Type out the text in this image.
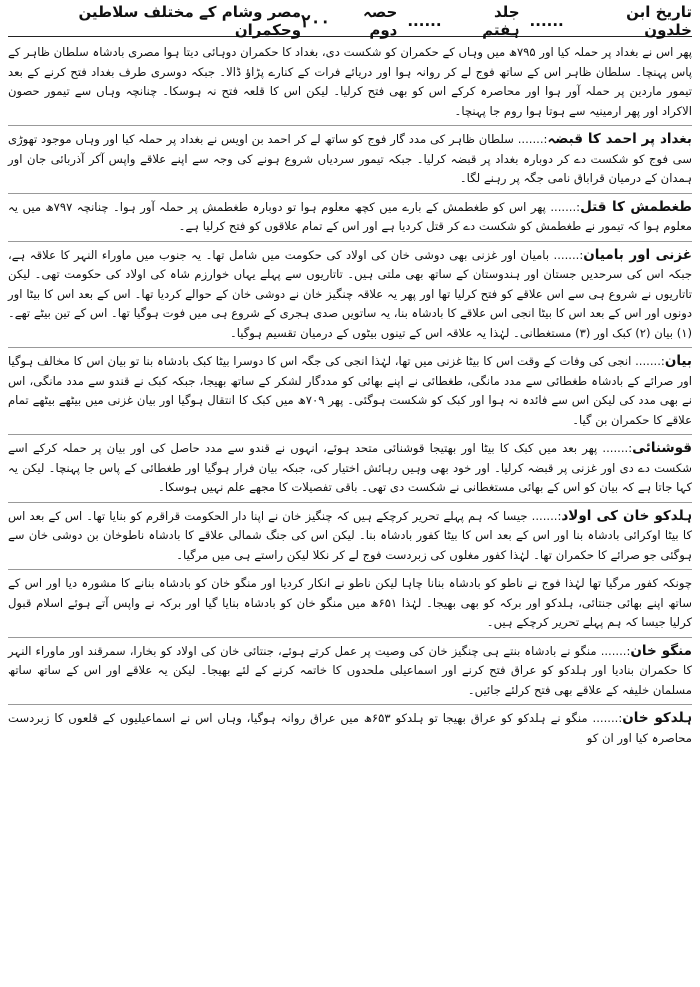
تاریخ ابن خلدون
......
جلد ہفتم
......
حصہ دوم
۲۰۰
مصر وشام کے مختلف سلاطین وحکمران

پھر اس نے بغداد پر حملہ کیا اور ۷۹۵ھ میں وہاں کے حکمران کو شکست دی، بغداد کا حکمران دوہائی دیتا ہوا مصری بادشاہ سلطان ظاہر کے پاس پہنچا۔ سلطان ظاہر اس کے ساتھ فوج لے کر روانہ ہوا اور دریائے فرات کے کنارے پڑاؤ ڈالا۔ جبکہ دوسری طرف بغداد فتح کرنے کے بعد تیمور ماردین پر حملہ آور ہوا اور محاصرہ کرکے اس کو بھی فتح کرلیا۔ لیکن اس کا قلعہ فتح نہ ہوسکا۔ چنانچہ وہاں سے تیمور حصون الاکراد اور پھر ارمینیہ سے ہوتا ہوا روم جا پہنچا۔

بغداد پر احمد کا قبضہ:....... سلطان ظاہر کی مدد گار فوج کو ساتھ لے کر احمد بن اویس نے بغداد پر حملہ کیا اور وہاں موجود تھوڑی سی فوج کو شکست دے کر دوبارہ بغداد پر قبضہ کرلیا۔ جبکہ تیمور سردیاں شروع ہونے کی وجہ سے اپنے علاقے واپس آکر آذربائی جان اور ہمدان کے درمیان قراباق نامی جگہ پر رہنے لگا۔

طغطمش کا قتل:....... پھر اس کو طغطمش کے بارے میں کچھ معلوم ہوا تو دوبارہ طغطمش پر حملہ آور ہوا۔ چنانچہ ۷۹۷ھ میں یہ معلوم ہوا کہ تیمور نے طغطمش کو شکست دے کر قتل کردیا ہے اور اس کے تمام علاقوں کو فتح کرلیا ہے۔

غزنی اور بامیان:....... بامیان اور غزنی بھی دوشی خان کی اولاد کی حکومت میں شامل تھا۔ یہ جنوب میں ماوراء النہر کا علاقہ ہے، جبکہ اس کی سرحدیں جستان اور ہندوستان کے ساتھ بھی ملتی ہیں۔ تاتاریوں سے پہلے یہاں خوارزم شاہ کی اولاد کی حکومت تھی۔ لیکن تاتاریوں نے شروع ہی سے اس علاقے کو فتح کرلیا تھا اور پھر یہ علاقہ چنگیز خان نے دوشی خان کے حوالے کردیا تھا۔ اس کے بعد اس کا بیٹا اور دونوں اور اس کے بعد اس کا بیٹا انجی اس علاقے کا بادشاہ بنا، یہ ساتویں صدی ہجری کے شروع ہی میں فوت ہوگیا تھا۔ اس کے تین بیٹے تھے۔ (۱) بیان (۲) کبک اور (۳) مستغطانی۔ لہٰذا یہ علاقہ اس کے تینوں بیٹوں کے درمیان تقسیم ہوگیا۔

بیان:....... انجی کی وفات کے وقت اس کا بیٹا غزنی میں تھا، لہٰذا انجی کی جگہ اس کا دوسرا بیٹا کبک بادشاہ بنا تو بیان اس کا مخالف ہوگیا اور صرائے کے بادشاہ طغطائی سے مدد مانگی، طغطائی نے اپنے بھائی کو مددگار لشکر کے ساتھ بھیجا، جبکہ کبک نے قندو سے مدد مانگی، اس نے بھی مدد کی لیکن اس سے فائدہ نہ ہوا اور کبک کو شکست ہوگئی۔ پھر ۷۰۹ھ میں کبک کا انتقال ہوگیا اور بیان غزنی میں بیٹھے بیٹھے تمام علاقے کا حکمران بن گیا۔

قوشنائی:....... پھر بعد میں کبک کا بیٹا اور بھتیجا قوشنائی متحد ہوئے، انہوں نے قندو سے مدد حاصل کی اور بیان پر حملہ کرکے اسے شکست دے دی اور غزنی پر قبضہ کرلیا۔ اور خود بھی وہیں رہائش اختیار کی، جبکہ بیان فرار ہوگیا اور طغطائی کے پاس جا پہنچا۔ لیکن یہ کہا جاتا ہے کہ بیان کو اس کے بھائی مستغطانی نے شکست دی تھی۔ باقی تفصیلات کا مجھے علم نہیں ہوسکا۔

ہلدکو خان کی اولاد:....... جیسا کہ ہم پہلے تحریر کرچکے ہیں کہ چنگیز خان نے اپنا دار الحکومت قراقرم کو بنایا تھا۔ اس کے بعد اس کا بیٹا اوکرائی بادشاہ بنا اور اس کے بعد اس کا بیٹا کفور بادشاہ بنا۔ لیکن اس کی جنگ شمالی علاقے کا بادشاہ ناطوخان بن دوشی خان سے ہوگئی جو صرائے کا حکمران تھا۔ لہٰذا کفور مغلوں کی زبردست فوج لے کر نکلا لیکن راستے ہی میں مرگیا۔

چونکہ کفور مرگیا تھا لہٰذا فوج نے ناطو کو بادشاہ بنانا چاہا لیکن ناطو نے انکار کردیا اور منگو خان کو بادشاہ بنانے کا مشورہ دیا اور اس کے ساتھ اپنے بھائی جنتائی، ہلدکو اور برکہ کو بھی بھیجا۔ لہٰذا ۶۵۱ھ میں منگو خان کو بادشاہ بنایا گیا اور برکہ نے واپس آتے ہوئے اسلام قبول کرلیا جیسا کہ ہم پہلے تحریر کرچکے ہیں۔

منگو خان:....... منگو نے بادشاہ بنتے ہی چنگیز خان کی وصیت پر عمل کرتے ہوئے، جنتائی خان کی اولاد کو بخارا، سمرقند اور ماوراء النہر کا حکمران بنادیا اور ہلدکو کو عراق فتح کرنے اور اسماعیلی ملحدوں کا خاتمہ کرنے کے لئے بھیجا۔ لیکن یہ علاقے اور اس کے ساتھ ساتھ مسلمان خلیفہ کے علاقے بھی فتح کرلئے جائیں۔

ہلدکو خان:....... منگو نے ہلدکو کو عراق بھیجا تو ہلدکو ۶۵۳ھ میں عراق روانہ ہوگیا، وہاں اس نے اسماعیلیوں کے قلعوں کا زبردست محاصرہ کیا اور ان کو
